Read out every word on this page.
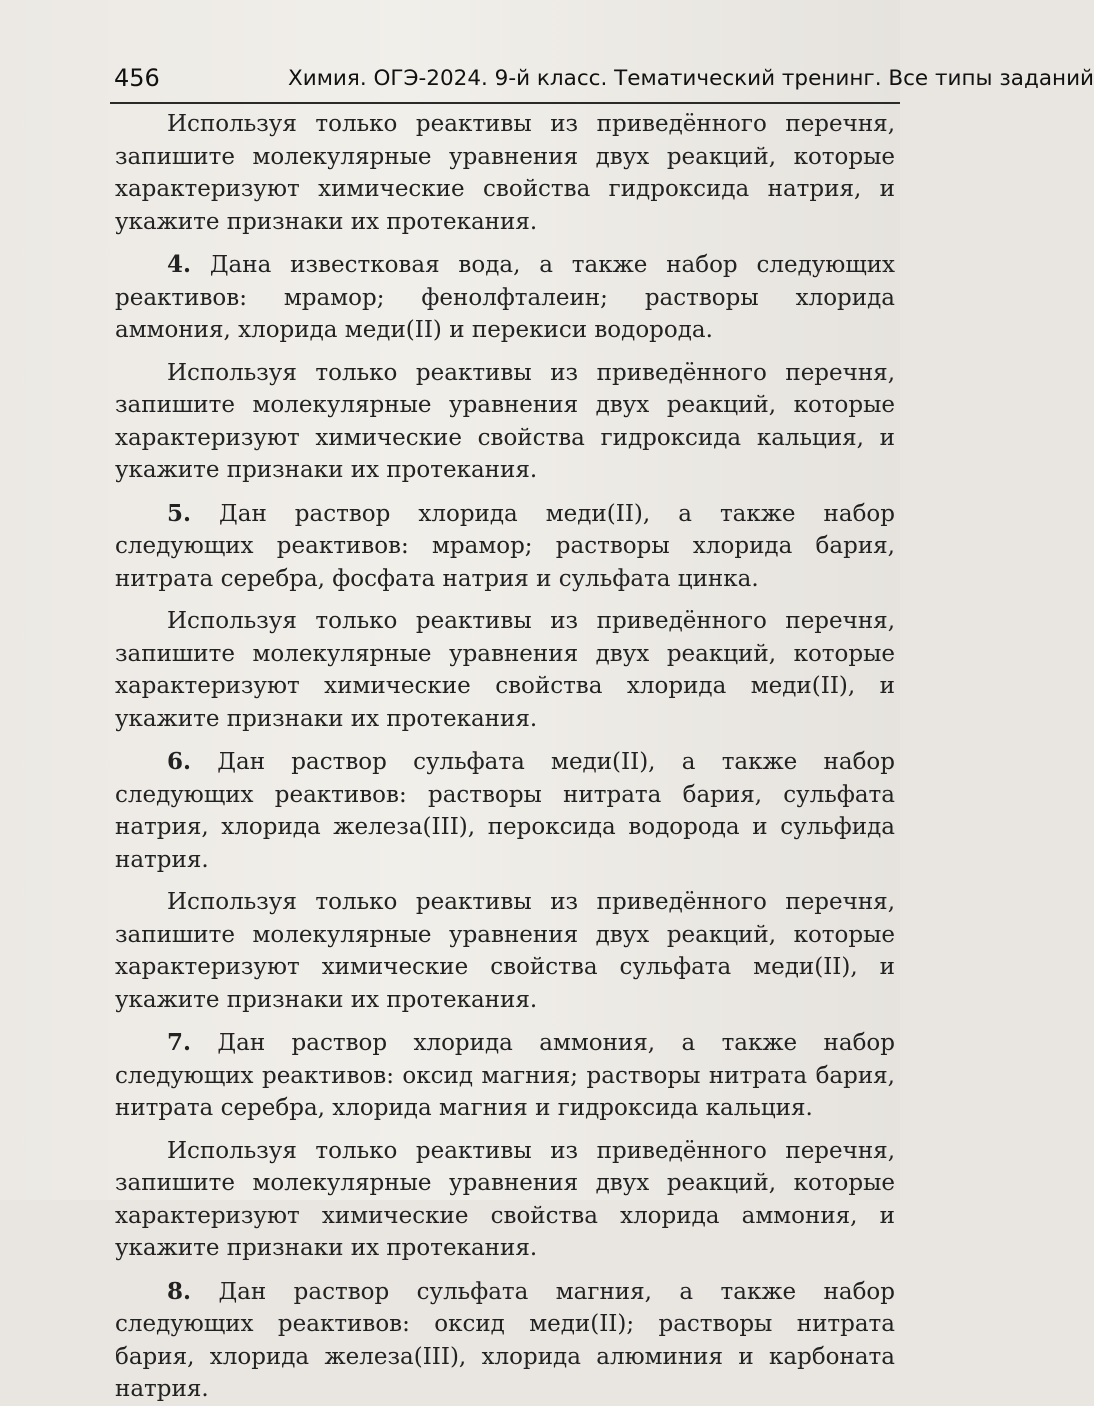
456	Химия. ОГЭ-2024. 9-й класс. Тематический тренинг. Все типы заданий

Используя только реактивы из приведённого перечня, запишите молекулярные уравнения двух реакций, которые характеризуют химические свойства гидроксида натрия, и укажите признаки их протекания.

4. Дана известковая вода, а также набор следующих реактивов: мрамор; фенолфталеин; растворы хлорида аммония, хлорида меди(II) и перекиси водорода.

Используя только реактивы из приведённого перечня, запишите молекулярные уравнения двух реакций, которые характеризуют химические свойства гидроксида кальция, и укажите признаки их протекания.

5. Дан раствор хлорида меди(II), а также набор следующих реактивов: мрамор; растворы хлорида бария, нитрата серебра, фосфата натрия и сульфата цинка.

Используя только реактивы из приведённого перечня, запишите молекулярные уравнения двух реакций, которые характеризуют химические свойства хлорида меди(II), и укажите признаки их протекания.

6. Дан раствор сульфата меди(II), а также набор следующих реактивов: растворы нитрата бария, сульфата натрия, хлорида железа(III), пероксида водорода и сульфида натрия.

Используя только реактивы из приведённого перечня, запишите молекулярные уравнения двух реакций, которые характеризуют химические свойства сульфата меди(II), и укажите признаки их протекания.

7. Дан раствор хлорида аммония, а также набор следующих реактивов: оксид магния; растворы нитрата бария, нитрата серебра, хлорида магния и гидроксида кальция.

Используя только реактивы из приведённого перечня, запишите молекулярные уравнения двух реакций, которые характеризуют химические свойства хлорида аммония, и укажите признаки их протекания.

8. Дан раствор сульфата магния, а также набор следующих реактивов: оксид меди(II); растворы нитрата бария, хлорида железа(III), хлорида алюминия и карбоната натрия.
